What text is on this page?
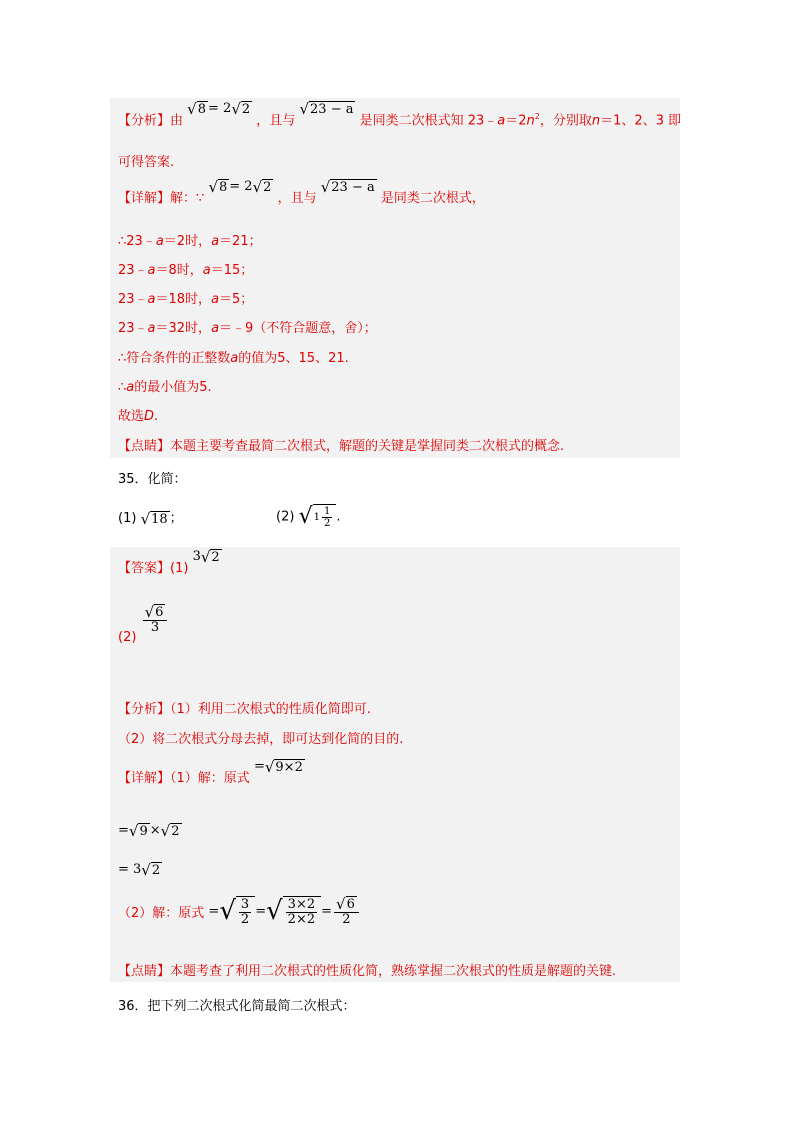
【分析】由
√ 8 = 2 √ 2
，且与
√ 23 − a
是同类二次根式知 $23﹣a=2n^2$，分别取n＝1、2、3 即
可得答案.
【详解】解：∵
√ 8 = 2 √ 2
，且与
√ 23 − a
是同类二次根式，
∴23﹣a＝2时，a＝21；
23﹣a＝8时，a＝15；
23﹣a＝18时，a＝5；
23﹣a＝32时，a＝﹣9（不符合题意，舍）；
∴符合条件的正整数a的值为5、15、21.
∴a的最小值为5.
故选D.
【点睛】本题主要考查最简二次根式，解题的关键是掌握同类二次根式的概念.
35．化简：
(1) √ 18 ；	(2) √ $1 \frac{1}{2}$ .
【答案】(1) 3 √ 2
(2)
$\frac{√ 6}{3}$
【分析】（1）利用二次根式的性质化简即可.
（2）将二次根式分母去掉，即可达到化简的目的.
【详解】（1）解：原式 = √ 9×2
= √ 9 × √ 2
= 3 √ 2
（2）解：原式 = √ $\frac{3}{2}$ = √ $\frac{3\times 2}{2\times 2} = \frac{√ 6}{2}$
【点睛】本题考查了利用二次根式的性质化简，熟练掌握二次根式的性质是解题的关键.
36．把下列二次根式化简最简二次根式：
